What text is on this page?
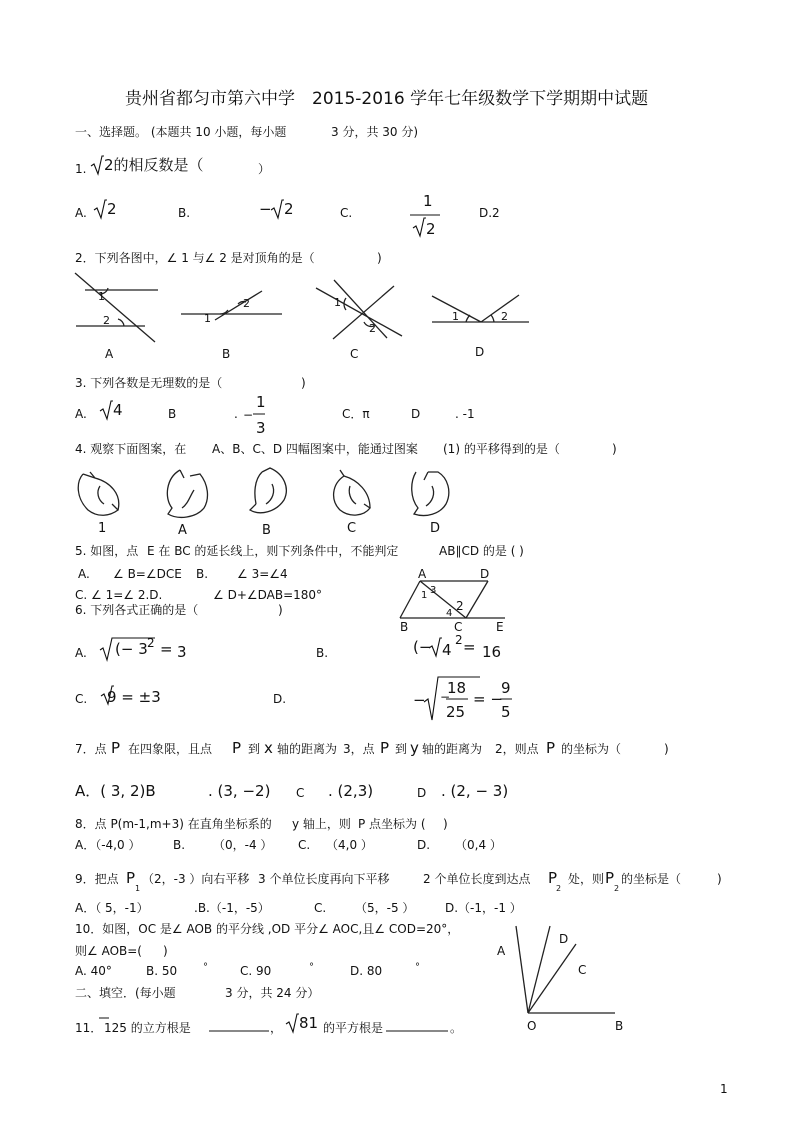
贵州省都匀市第六中学　2015-2016 学年七年级数学下学期期中试题
一、选择题。 (本题共 10 小题，每小题	3 分，共 30 分)
1. 2的相反数是（	）
A. 2	B.	− 2	C.
1
2
D.2
2．下列各图中，∠ 1 与∠ 2 是对顶角的是（	)
1
2
A
1
2
B
1
2
C
1	2
D
3. 下列各数是无理数的是（	)
A. 4	B	. −
1
3
C．π	D	. -1
4. 观察下面图案，在 A、B、C、D 四幅图案中，能通过图案 (1) 的平移得到的是（	)
1	A	B	C	D
5. 如图，点 E 在 BC 的延长线上，则下列条件中，不能判定	AB∥CD 的是 ( )
A. ∠ B=∠DCE B. ∠ 3=∠4
C. ∠ 1=∠ 2.D.	∠ D+∠DAB=180°
A	D
B	C	E
1 3
2
4
6. 下列各式正确的是（	)
A. (− 3 2 = 3	B.	(− 4
2 = 16
C. 9 = ±3	D.	− −
18
25
= −
9
5
7．点 P 在四象限，且点 P 到 x 轴的距离为 3，点 P 到 y 轴的距离为 2，则点 P 的坐标为（	)
A．( 3, 2)B	. (3, −2) C . (2,3)	D . (2, − 3)
8．点 P(m-1,m+3) 在直角坐标系的 y 轴上，则 P 点坐标为 ( )
A．（-4,0 ）	B. （0，-4 ） C. （4,0 ）	D. （0,4 ）
9．把点 P
1
（2，-3 ）向右平移 3 个单位长度再向下平移	2 个单位长度到达点 P
2
处，则 P
2
的坐标是（	)
A．（ 5，-1）	.B.（-1，-5）	C. （5，-5 ）	D.（-1，-1 ）
10．如图，OC 是∠ AOB 的平分线 ,OD 平分∠ AOC,且∠ COD=20°，
则∠ AOB=( )
A. 40°	B. 50	°	C. 90	°	D. 80	°
A
D
C
O	B
二、填空．(每小题	3 分，共 24 分）
11． 125 的立方根是	， 81 的平方根是	。
1
